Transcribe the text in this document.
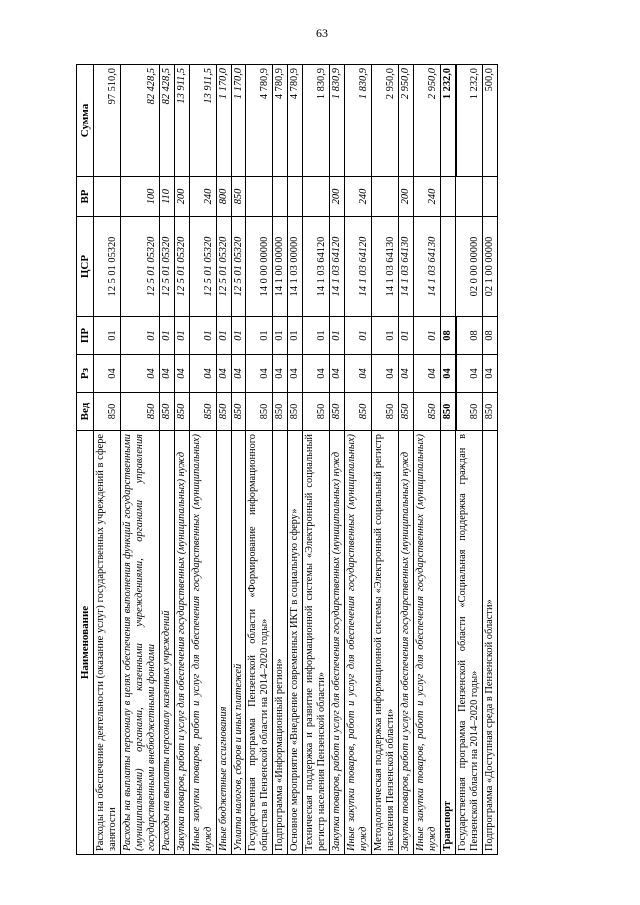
63
Наименование	Вед	Рз	ПР	ЦСР	ВР	Сумма
Расходы на обеспечение деятельности (оказание услуг) государственных учреждений в сфере занятости	850	04	01	12 5 01 05320		97 510,0
Расходы на выплаты персоналу в целях обеспечения выполнения функций государственными (муниципальными) органами, казенными учреждениями, органами управления государственными внебюджетными фондами	850	04	01	12 5 01 05320	100	82 428,5
Расходы на выплаты персоналу казенных учреждений	850	04	01	12 5 01 05320	110	82 428,5
Закупка товаров, работ и услуг для обеспечения государственных (муниципальных) нужд	850	04	01	12 5 01 05320	200	13 911,5
Иные закупки товаров, работ и услуг для обеспечения государственных (муниципальных) нужд	850	04	01	12 5 01 05320	240	13 911,5
Иные бюджетные ассигнования	850	04	01	12 5 01 05320	800	1 170,0
Уплата налогов, сборов и иных платежей	850	04	01	12 5 01 05320	850	1 170,0
Государственная программа Пензенской области «Формирование информационного общества в Пензенской области на 2014–2020 годы»	850	04	01	14 0 00 00000		4 780,9
Подпрограмма «Информационный регион»	850	04	01	14 1 00 00000		4 780,9
Основное мероприятие «Внедрение современных ИКТ в социальную сферу»	850	04	01	14 1 03 00000		4 780,9
Техническая поддержка и развитие информационной системы «Электронный социальный регистр населения Пензенской области»	850	04	01	14 1 03 64120		1 830,9
Закупка товаров, работ и услуг для обеспечения государственных (муниципальных) нужд	850	04	01	14 1 03 64120	200	1 830,9
Иные закупки товаров, работ и услуг для обеспечения государственных (муниципальных) нужд	850	04	01	14 1 03 64120	240	1 830,9
Методологическая поддержка информационной системы «Электронный социальный регистр населения Пензенской области»	850	04	01	14 1 03 64130		2 950,0
Закупка товаров, работ и услуг для обеспечения государственных (муниципальных) нужд	850	04	01	14 1 03 64130	200	2 950,0
Иные закупки товаров, работ и услуг для обеспечения государственных (муниципальных) нужд	850	04	01	14 1 03 64130	240	2 950,0
Транспорт	850	04	08			1 232,0
Государственная программа Пензенской области «Социальная поддержка граждан в Пензенской области на 2014–2020 годы»	850	04	08	02 0 00 00000		1 232,0
Подпрограмма «Доступная среда в Пензенской области»	850	04	08	02 1 00 00000		500,0
